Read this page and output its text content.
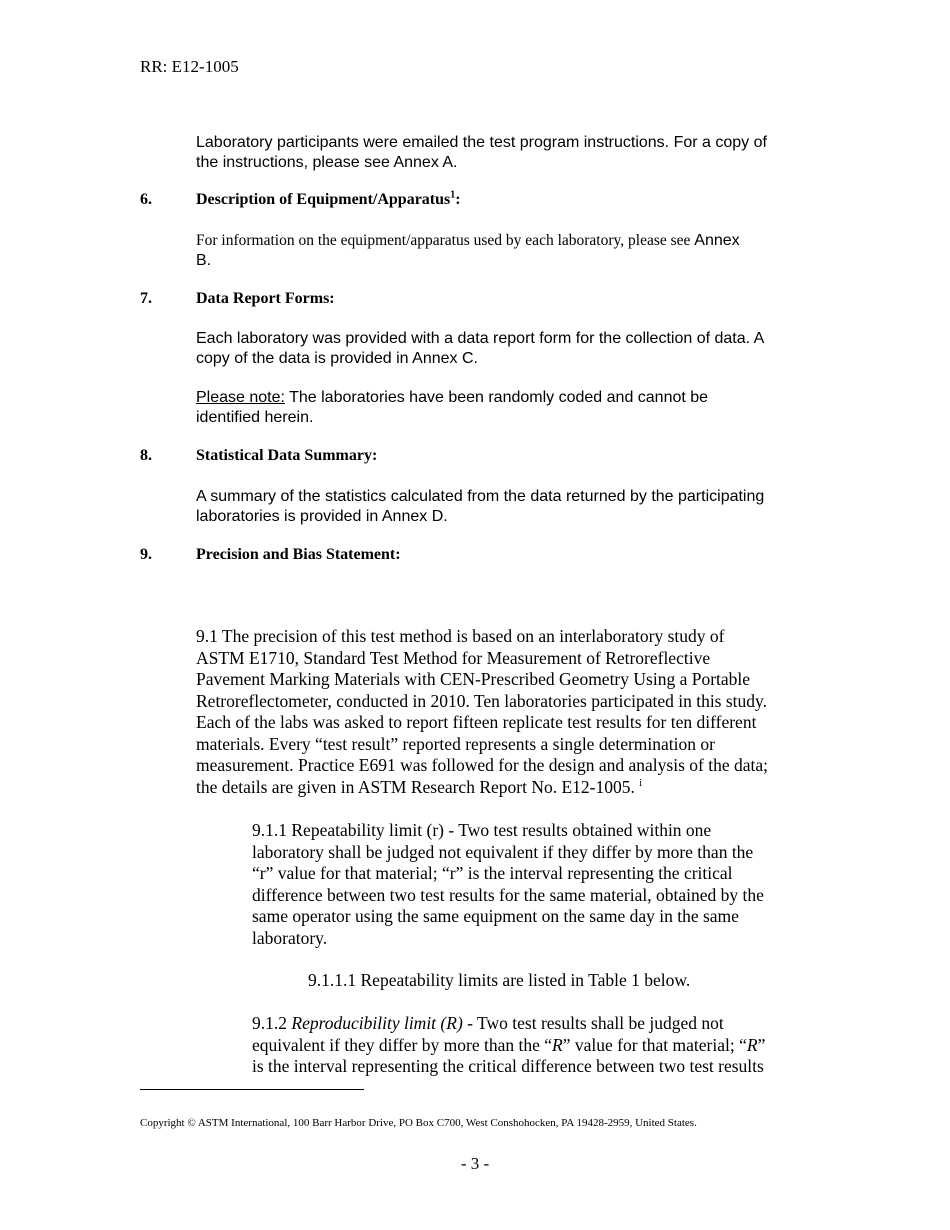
RR: E12-1005
Laboratory participants were emailed the test program instructions. For a copy of
the instructions, please see Annex A.
6.	Description of Equipment/Apparatus$^1$:
For information on the equipment/apparatus used by each laboratory, please see Annex
B.
7.	Data Report Forms:
Each laboratory was provided with a data report form for the collection of data. A
copy of the data is provided in Annex C.
Please note: The laboratories have been randomly coded and cannot be
identified herein.
8.	Statistical Data Summary:
A summary of the statistics calculated from the data returned by the participating
laboratories is provided in Annex D.
9.	Precision and Bias Statement:
9.1 The precision of this test method is based on an interlaboratory study of
ASTM E1710, Standard Test Method for Measurement of Retroreflective
Pavement Marking Materials with CEN-Prescribed Geometry Using a Portable
Retroreflectometer, conducted in 2010. Ten laboratories participated in this study.
Each of the labs was asked to report fifteen replicate test results for ten different
materials. Every “test result” reported represents a single determination or
measurement. Practice E691 was followed for the design and analysis of the data;
the details are given in ASTM Research Report No. E12-1005. $^i$
9.1.1 Repeatability limit (r) - Two test results obtained within one
laboratory shall be judged not equivalent if they differ by more than the
“r” value for that material; “r” is the interval representing the critical
difference between two test results for the same material, obtained by the
same operator using the same equipment on the same day in the same
laboratory.
9.1.1.1 Repeatability limits are listed in Table 1 below.
9.1.2 Reproducibility limit (R) - Two test results shall be judged not
equivalent if they differ by more than the “R” value for that material; “R”
is the interval representing the critical difference between two test results
Copyright © ASTM International, 100 Barr Harbor Drive, PO Box C700, West Conshohocken, PA 19428-2959, United States.
- 3 -
